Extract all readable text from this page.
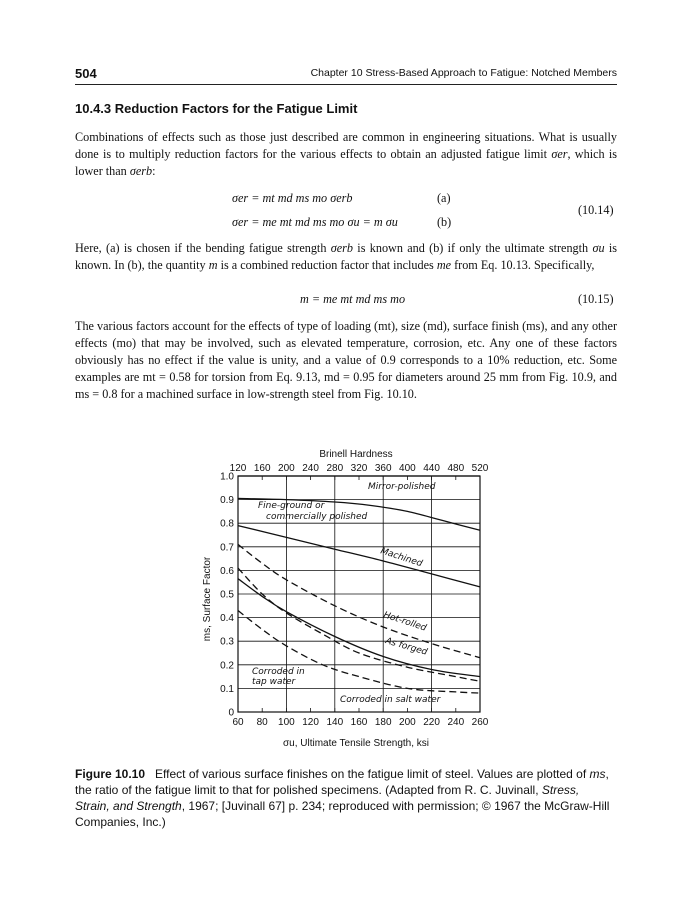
504	Chapter 10 Stress-Based Approach to Fatigue: Notched Members
10.4.3 Reduction Factors for the Fatigue Limit

Combinations of effects such as those just described are common in engineering situations. What is usually done is to multiply reduction factors for the various effects to obtain an adjusted fatigue limit σer, which is lower than σerb:

σer = mt md ms mo σerb
σer = me mt md ms mo σu = m σu
(a)
(b)
(10.14)

Here, (a) is chosen if the bending fatigue strength σerb is known and (b) if only the ultimate strength σu is known. In (b), the quantity m is a combined reduction factor that includes me from Eq. 10.13. Specifically,

m = me mt md ms mo	(10.15)

The various factors account for the effects of type of loading (mt), size (md), surface finish (ms), and any other effects (mo) that may be involved, such as elevated temperature, corrosion, etc. Any one of these factors obviously has no effect if the value is unity, and a value of 0.9 corresponds to a 10% reduction, etc. Some examples are mt = 0.58 for torsion from Eq. 9.13, md = 0.95 for diameters around 25 mm from Fig. 10.9, and ms = 0.8 for a machined surface in low-strength steel from Fig. 10.10.

0
0.1
0.2
0.3
0.4
0.5
0.6
0.7
0.8
0.9
1.0
60 80 100 120 140 160 180 200 220 240 260
120 160 200 240 280 320 360 400 440 480 520
Brinell Hardness
σu, Ultimate Tensile Strength, ksi
ms, Surface Factor
Mirror-polished
Fine-ground or commercially polished
Machined
Hot-rolled
As forged
Corroded in tap water
Corroded in salt water

Figure 10.10 Effect of various surface finishes on the fatigue limit of steel. Values are plotted of ms, the ratio of the fatigue limit to that for polished specimens. (Adapted from R. C. Juvinall, Stress, Strain, and Strength, 1967; [Juvinall 67] p. 234; reproduced with permission; © 1967 the McGraw-Hill Companies, Inc.)
